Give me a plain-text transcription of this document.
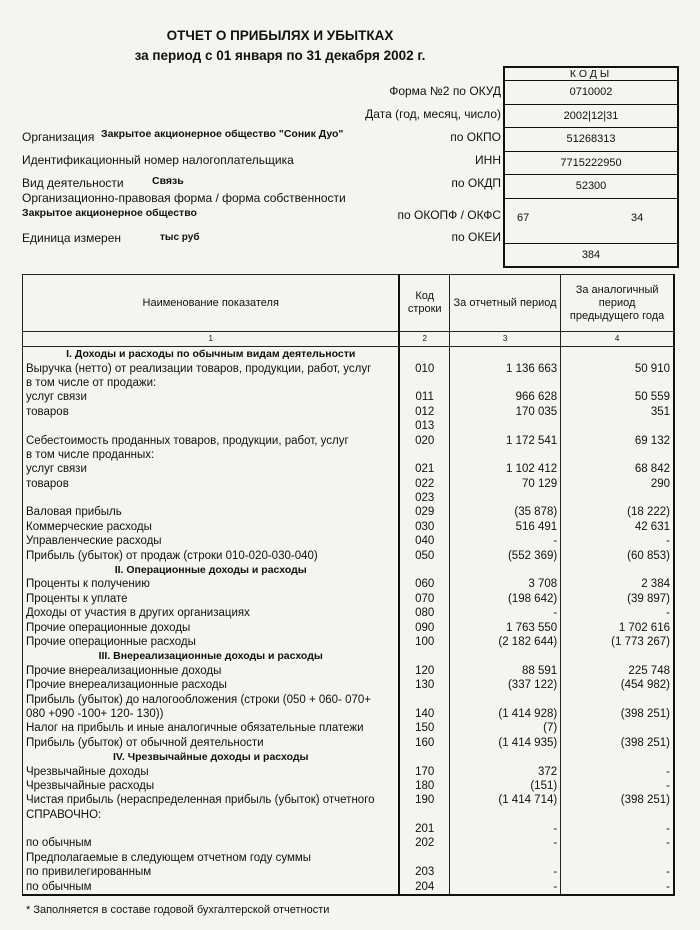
ОТЧЕТ О ПРИБЫЛЯХ И УБЫТКАХ
за период с 01 января по 31 декабря 2002 г.
КОДЫ
0710002
2002|12|31
51268313
7715222950
52300
67	34
384
Форма №2 по ОКУД
Дата (год, месяц, число)
по ОКПО
ИНН
по ОКДП
по ОКОПФ / ОКФС
по ОКЕИ
Организация Закрытое акционерное общество "Соник Дуо"
Идентификационный номер налогоплательщика
Вид деятельности	Связь
Организационно-правовая форма / форма собственности
Закрытое акционерное общество
Единица измерен	тыс руб
Наименование показателя	Код строки	За отчетный период	За аналогичный период предыдущего года
1	2	3	4
I. Доходы и расходы по обычным видам деятельности			
Выручка (нетто) от реализации товаров, продукции, работ, услуг	010	1 136 663	50 910
в том числе от продажи:			
услуг связи	011	966 628	50 559
товаров	012	170 035	351
	013		
Себестоимость проданных товаров, продукции, работ, услуг	020	1 172 541	69 132
в том числе проданных:			
услуг связи	021	1 102 412	68 842
товаров	022	70 129	290
	023		
Валовая прибыль	029	(35 878)	(18 222)
Коммерческие расходы	030	516 491	42 631
Управленческие расходы	040	-	-
Прибыль (убыток) от продаж (строки 010-020-030-040)	050	(552 369)	(60 853)
II. Операционные доходы и расходы			
Проценты к получению	060	3 708	2 384
Проценты к уплате	070	(198 642)	(39 897)
Доходы от участия в других организациях	080	-	-
Прочие операционные доходы	090	1 763 550	1 702 616
Прочие операционные расходы	100	(2 182 644)	(1 773 267)
III. Внереализационные доходы и расходы			
Прочие внереализационные доходы	120	88 591	225 748
Прочие внереализационные расходы	130	(337 122)	(454 982)
Прибыль (убыток) до налогообложения (строки (050 + 060- 070+			
080 +090 -100+ 120- 130))	140	(1 414 928)	(398 251)
Налог на прибыль и иные аналогичные обязательные платежи	150	(7)	
Прибыль (убыток) от обычной деятельности	160	(1 414 935)	(398 251)
IV. Чрезвычайные доходы и расходы			
Чрезвычайные доходы	170	372	-
Чрезвычайные расходы	180	(151)	-
Чистая прибыль (нераспределенная прибыль (убыток) отчетного	190	(1 414 714)	(398 251)
СПРАВОЧНО:			
	201	-	-
по обычным	202	-	-
Предполагаемые в следующем отчетном году суммы			
по привилегированным	203	-	-
по обычным	204	-	-
* Заполняется в составе годовой бухгалтерской отчетности
